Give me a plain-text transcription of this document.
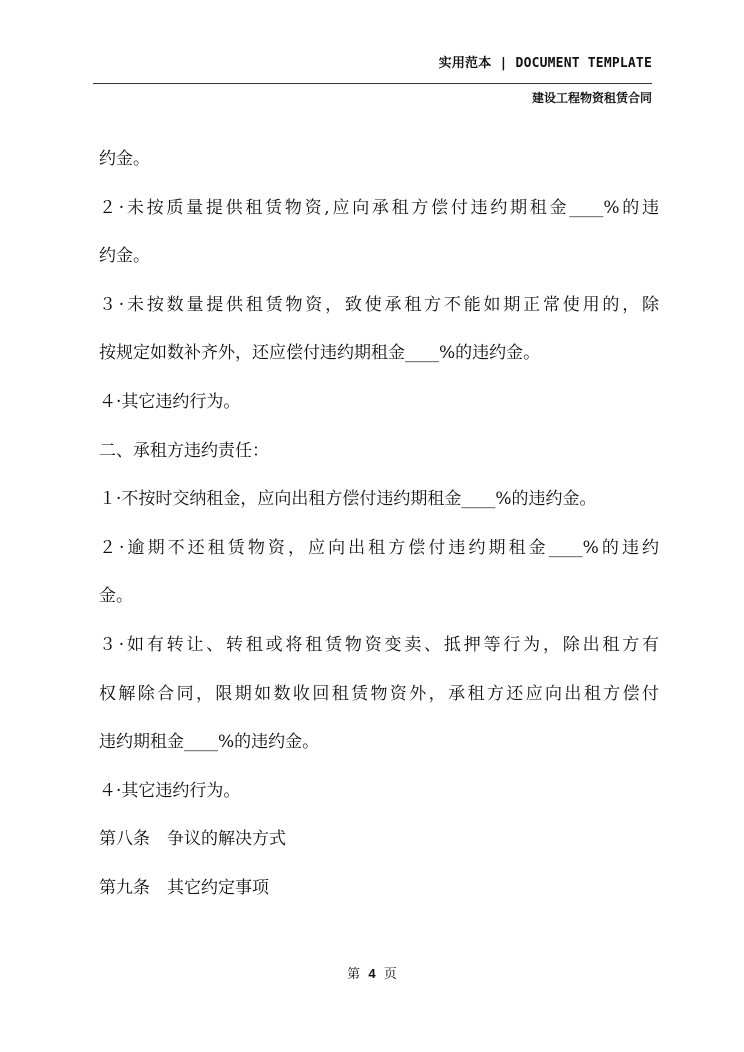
实用范本 | DOCUMENT TEMPLATE
建设工程物资租赁合同

约金。

２·未按质量提供租赁物资,应向承租方偿付违约期租金____%的违

约金。

３·未按数量提供租赁物资，致使承租方不能如期正常使用的，除

按规定如数补齐外，还应偿付违约期租金____%的违约金。

４·其它违约行为。

二、承租方违约责任：

１·不按时交纳租金，应向出租方偿付违约期租金____%的违约金。

２·逾期不还租赁物资，应向出租方偿付违约期租金____%的违约

金。

３·如有转让、转租或将租赁物资变卖、抵押等行为，除出租方有

权解除合同，限期如数收回租赁物资外，承租方还应向出租方偿付

违约期租金____%的违约金。

４·其它违约行为。

第八条　争议的解决方式

第九条　其它约定事项

第 4 页
